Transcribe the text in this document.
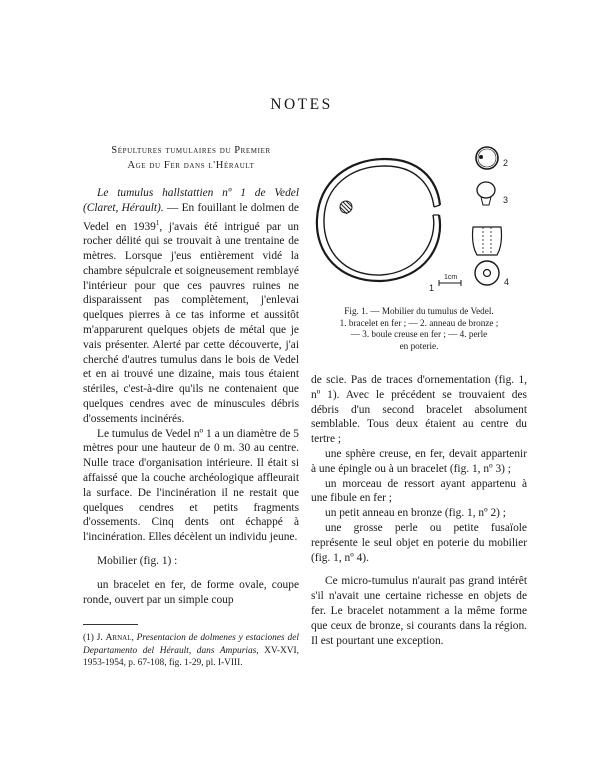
NOTES
Sépultures tumulaires du Premier
Age du Fer dans l'Hérault

Le tumulus hallstattien nº 1 de Vedel (Claret, Hérault). — En fouillant le dolmen de Vedel en 1939$^1$, j'avais été intrigué par un rocher délité qui se trouvait à une trentaine de mètres. Lorsque j'eus entièrement vidé la chambre sépulcrale et soigneusement remblayé l'intérieur pour que ces pauvres ruines ne disparaissent pas complètement, j'enlevai quelques pierres à ce tas informe et aussitôt m'apparurent quelques objets de métal que je vais présenter. Alerté par cette découverte, j'ai cherché d'autres tumulus dans le bois de Vedel et en ai trouvé une dizaine, mais tous étaient stériles, c'est-à-dire qu'ils ne contenaient que quelques cendres avec de minuscules débris d'ossements incinérés.

Le tumulus de Vedel nº 1 a un diamètre de 5 mètres pour une hauteur de 0 m. 30 au centre. Nulle trace d'organisation intérieure. Il était si affaissé que la couche archéologique affleurait la surface. De l'incinération il ne restait que quelques cendres et petits fragments d'ossements. Cinq dents ont échappé à l'incinération. Elles décèlent un individu jeune.

Mobilier (fig. 1) :

un bracelet en fer, de forme ovale, coupe ronde, ouvert par un simple coup

(1) J. Arnal, Presentacion de dolmenes y estaciones del Departamento del Hérault, dans Ampurias, XV-XVI, 1953-1954, p. 67-108, fig. 1-29, pl. I-VIII.
1
1cm
2
3
4
Fig. 1. — Mobilier du tumulus de Vedel.
1. bracelet en fer ; — 2. anneau de bronze ;
— 3. boule creuse en fer ; — 4. perle
en poterie.

de scie. Pas de traces d'ornementation (fig. 1, nº 1). Avec le précédent se trouvaient des débris d'un second bracelet absolument semblable. Tous deux étaient au centre du tertre ;

une sphère creuse, en fer, devait appartenir à une épingle ou à un bracelet (fig. 1, nº 3) ;

un morceau de ressort ayant appartenu à une fibule en fer ;

un petit anneau en bronze (fig. 1, nº 2) ;

une grosse perle ou petite fusaïole représente le seul objet en poterie du mobilier (fig. 1, nº 4).

Ce micro-tumulus n'aurait pas grand intérêt s'il n'avait une certaine richesse en objets de fer. Le bracelet notamment a la même forme que ceux de bronze, si courants dans la région. Il est pourtant une exception.
